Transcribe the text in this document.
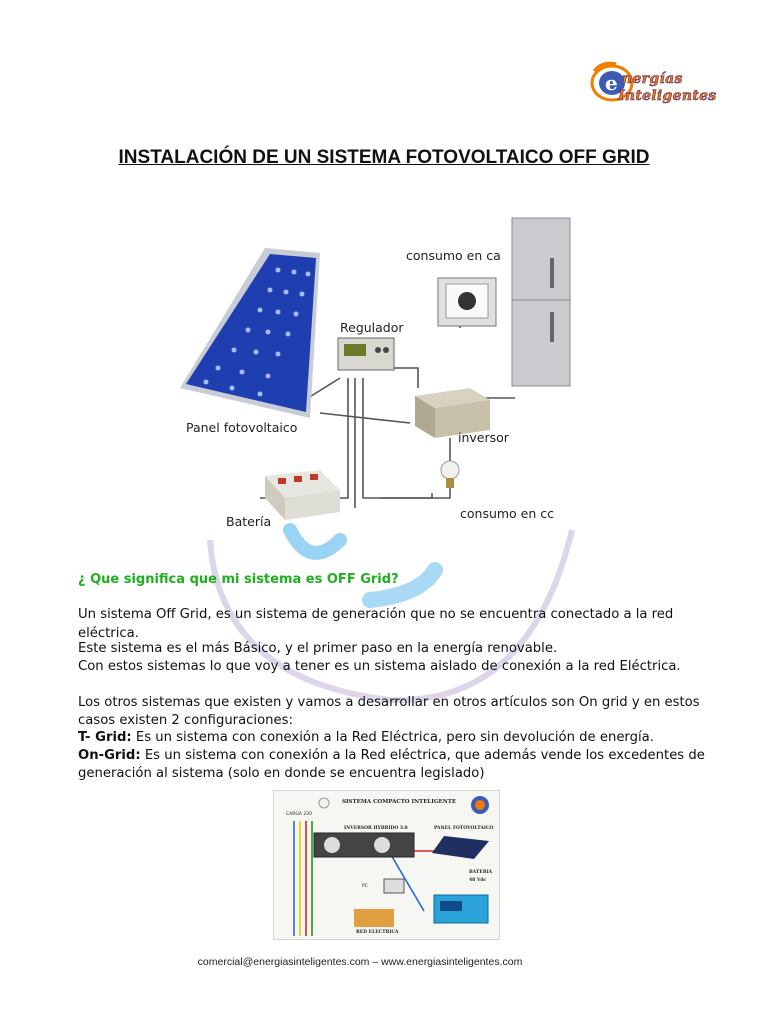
e nergías
Inteligentes
INSTALACIÓN DE UN SISTEMA FOTOVOLTAICO OFF GRID
consumo en ca
Regulador
Panel fotovoltaico
inversor
Batería
consumo en cc
¿ Que significa que mi sistema es OFF Grid?
Un sistema Off Grid, es un sistema de generación que no se encuentra conectado a la red
eléctrica.
Este sistema es el más Básico, y el primer paso en la energía renovable.
Con estos sistemas lo que voy a tener es un sistema aislado de conexión a la red Eléctrica.
Los otros sistemas que existen y vamos a desarrollar en otros artículos son On grid y en estos
casos existen 2 configuraciones:
T- Grid: Es un sistema con conexión a la Red Eléctrica, pero sin devolución de energía.
On-Grid: Es un sistema con conexión a la Red eléctrica, que además vende los excedentes de
generación al sistema (solo en donde se encuentra legislado)
SISTEMA COMPACTO INTELIGENTE
CARGA 220
INVERSOR HYBRIDO 3.0	PANEL FOTOVOLTAICO
BATERIA
48 Vdc
PC
RED ELECTRICA
comercial@energiasinteligentes.com – www.energiasinteligentes.com
